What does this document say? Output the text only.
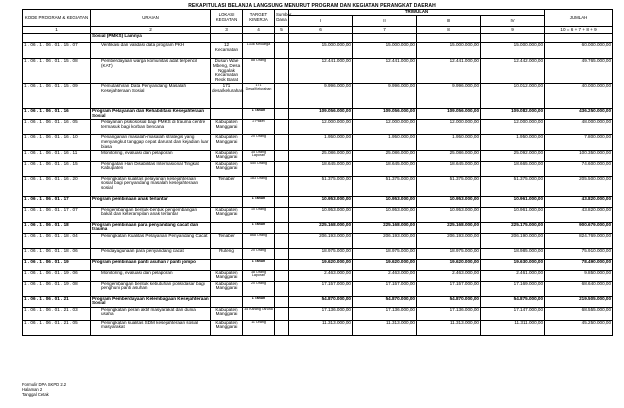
REKAPITULASI BELANJA LANGSUNG MENURUT PROGRAM DAN KEGIATAN PERANGKAT DAERAH
KODE PROGRAM & KEGIATAN	URAIAN	LOKASI KEGIATAN	TARGET KINERJA	Sumber Dana	TRIWULAN				JUMLAH
					I	II	III	IV	
1	2	3	4	5	6	7	8	9	10 = 6 + 7 + 8 + 9
	Sosial (PMKS) Lainnya								
1 . 06 . 1 . 06 . 01 . 15 . 07	Verifikasi dan validasi data program PKH	12 Kecamatan	1336 Keluarga		15.000.000,00	15.000.000,00	15.000.000,00	15.000.000,00	60.000.000,00
1 . 06 . 1 . 06 . 01 . 15 . 08	Pemberdayaan warga komunitas adat terpencil (KAT)	Dusun Wae Mbeng, Desa Nggalak Kecamatan Reok Barat	88 Orang		12.441.000,00	12.441.000,00	12.441.000,00	12.442.000,00	49.765.000,00
1 . 06 . 1 . 06 . 01 . 15 . 09	Pemutakhiran Data Penyandang Masalah Kesejahteraan Sosial	171 desa/kelurahan	171 Desa/Kelurahan		9.996.000,00	9.996.000,00	9.996.000,00	10.012.000,00	40.000.000,00
1 . 06 . 1 . 06 . 01 . 16	Program Pelayanan dan Rehabilitasi Kesejahteraan Sosial		1 Tahun		109.056.000,00	109.056.000,00	109.056.000,00	109.082.000,00	436.250.000,00
1 . 06 . 1 . 06 . 01 . 16 . 05	Pelayanan psikososial bagi PMKS di trauma centre termasuk bagi korban bencana	Kabupaten Manggarai	2 Paket		12.000.000,00	12.000.000,00	12.000.000,00	12.000.000,00	48.000.000,00
1 . 06 . 1 . 06 . 01 . 16 . 10	Penanganan masalah-masalah strategis yang menyangkut tanggap cepat darurat dan kejadian luar biasa	Kabupaten Manggarai	20 Orang		1.950.000,00	1.950.000,00	1.950.000,00	1.950.000,00	7.800.000,00
1 . 06 . 1 . 06 . 01 . 16 . 11	Monitoring, evaluasi dan pelaporan	Kabupaten Manggarai	35 Orang Laporan		25.086.000,00	25.086.000,00	25.086.000,00	25.092.000,00	100.350.000,00
1 . 06 . 1 . 06 . 01 . 16 . 15	Peringatan Hari Disabilitas Internasional Tingkat Kabupaten	Kabupaten Manggarai	450 Orang		18.645.000,00	18.645.000,00	18.645.000,00	18.665.000,00	74.600.000,00
1 . 06 . 1 . 06 . 01 . 16 . 20	Peningkatan kualitas pelayanan kesejahteraan sosial bagi penyandang masalah kesejahteraan sosial	Tenaber	183 Orang		51.375.000,00	51.375.000,00	51.375.000,00	51.375.000,00	205.500.000,00
1 . 06 . 1 . 06 . 01 . 17	Program pembinaan anak terlantar		1 Tahun		10.953.000,00	10.953.000,00	10.953.000,00	10.961.000,00	43.820.000,00
1 . 06 . 1 . 06 . 01 . 17 . 07	Pengembangan bentuk-bentuk pengembangan bakat dan keterampilan anak terlantar	Kabupaten Manggarai	10 Orang		10.953.000,00	10.953.000,00	10.953.000,00	10.961.000,00	43.820.000,00
1 . 06 . 1 . 06 . 01 . 18	Program pembinaan para penyandang cacat dan trauma		1 Tahun		225.168.000,00	225.168.000,00	225.168.000,00	225.175.000,00	900.679.000,00
1 . 06 . 1 . 06 . 01 . 18 . 04	Peningkatan Kualitas Pelayanan Penyandang Cacat	Tenaber	868 Orang		206.193.000,00	206.193.000,00	206.193.000,00	206.190.000,00	824.769.000,00
1 . 06 . 1 . 06 . 01 . 18 . 06	Pendayagunaan para penyandang cacat	Ruteng	20 Orang		18.975.000,00	18.975.000,00	18.975.000,00	18.985.000,00	75.910.000,00
1 . 06 . 1 . 06 . 01 . 19	Program pembinaan panti asuhan / panti jompo		1 Tahun		19.620.000,00	19.620.000,00	19.620.000,00	19.630.000,00	78.490.000,00
1 . 06 . 1 . 06 . 01 . 19 . 06	Monitoring, evaluasi dan pelaporan	Kabupaten Manggarai	38 Orang Laporan		2.463.000,00	2.463.000,00	2.463.000,00	2.461.000,00	9.850.000,00
1 . 06 . 1 . 06 . 01 . 19 . 08	Pengembangan bentuk kebutuhan polis/dasar bagi penghuni panti asuhan	Kabupaten Manggarai	20 Orang		17.157.000,00	17.157.000,00	17.157.000,00	17.169.000,00	68.640.000,00
1 . 06 . 1 . 06 . 01 . 21	Program Pemberdayaan Kelembagaan Kesejahteraan Sosial		1 Tahun		54.870.000,00	54.870.000,00	54.870.000,00	54.875.000,00	219.505.000,00
1 . 06 . 1 . 06 . 01 . 21 . 03	Peningkatan peran aktif masyarakat dan dunia usaha	Kabupaten Manggarai	35 Karang Taruna		17.136.000,00	17.136.000,00	17.136.000,00	17.147.000,00	68.555.000,00
1 . 06 . 1 . 06 . 01 . 21 . 05	Peningkatan kualitas SDM kesejahteraan sosial masyarakat	Kabupaten Manggarai	11 Orang		11.313.000,00	11.313.000,00	11.313.000,00	11.311.000,00	45.250.000,00
Formulir DPA SKPD 2.2
Halaman 2
Tanggal Cetak
